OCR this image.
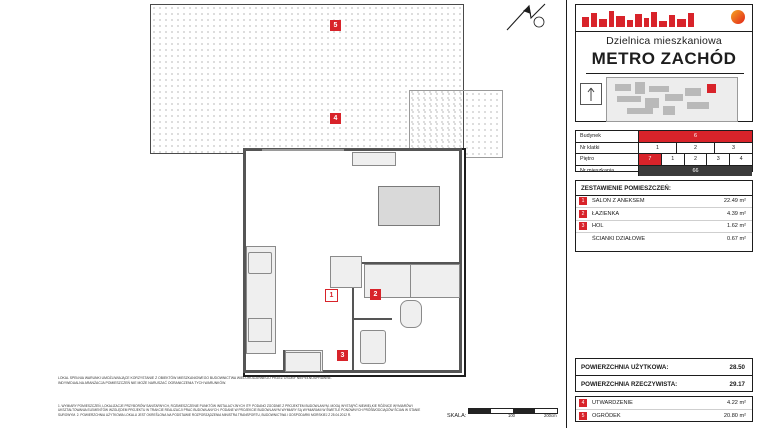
5
4
1	2
3
LOKAL SPEŁNIA WARUNKI UMOŻLIWIAJĄCE KORZYSTANIE Z OBIEKTÓW MIESZKANIOWEGO BUDOWNICTWA WIELORODZINNEGO PRZEZ OSOBY NIEPEŁNOSPRAWNE. INDYWIDUALNA ARANŻACJA POMIESZCZEŃ NIE MOŻE NARUSZAĆ OGRANICZENIA TYCH WARUNKÓW.
1. WYMIARY POMIESZCZEŃ, LOKALIZACJE PRZYBORÓW SANITARNYCH, ROZMIESZCZENIE PUNKTÓW INSTALACYJNYCH ITP. PODANO ZGODNIE Z PROJEKTEM BUDOWLANYM. MOGĄ WYSTĄPIĆ NIEWIELKIE RÓŻNICE WYMIARÓW I UKSZTAŁTOWANIA ELEMENTÓW WZGLĘDEM PROJEKTU W TRAKCIE REALIZACJI PRAC BUDOWLANYCH. PODANE W PROJEKCIE BUDOWLANYM WYMIARY SĄ WYMIARAMI W ŚWIETLE PONOWNYCH PRÓŚB/ODCIĄGÓW ŚCIAN W STANIE SUROWYM. 2. POWIERZCHNIA UŻYTKOWA LOKALU JEST OKREŚLONA NA PODSTAWIE ROZPORZĄDZENIA MINISTRA TRANSPORTU, BUDOWNICTWA I GOSPODARKI MORSKIEJ Z 25.04.2012 R.	SKALA:	100	200cm
Dzielnica mieszkaniowa
METRO ZACHÓD
Budynek	6
Nr klatki	1	2	3
Piętro	7	1	2	3	4
Nr mieszkania	66
ZESTAWIENIE POMIESZCZEŃ:
1	SALON Z ANEKSEM	22.49 m²
2	ŁAZIENKA	4.39 m²
3	HOL	1.62 m²
ŚCIANKI DZIAŁOWE	0.67 m²
POWIERZCHNIA UŻYTKOWA:	28.50
POWIERZCHNIA RZECZYWISTA:	29.17
4	UTWARDZENIE	4.22 m²
5	OGRÓDEK	20.80 m²
